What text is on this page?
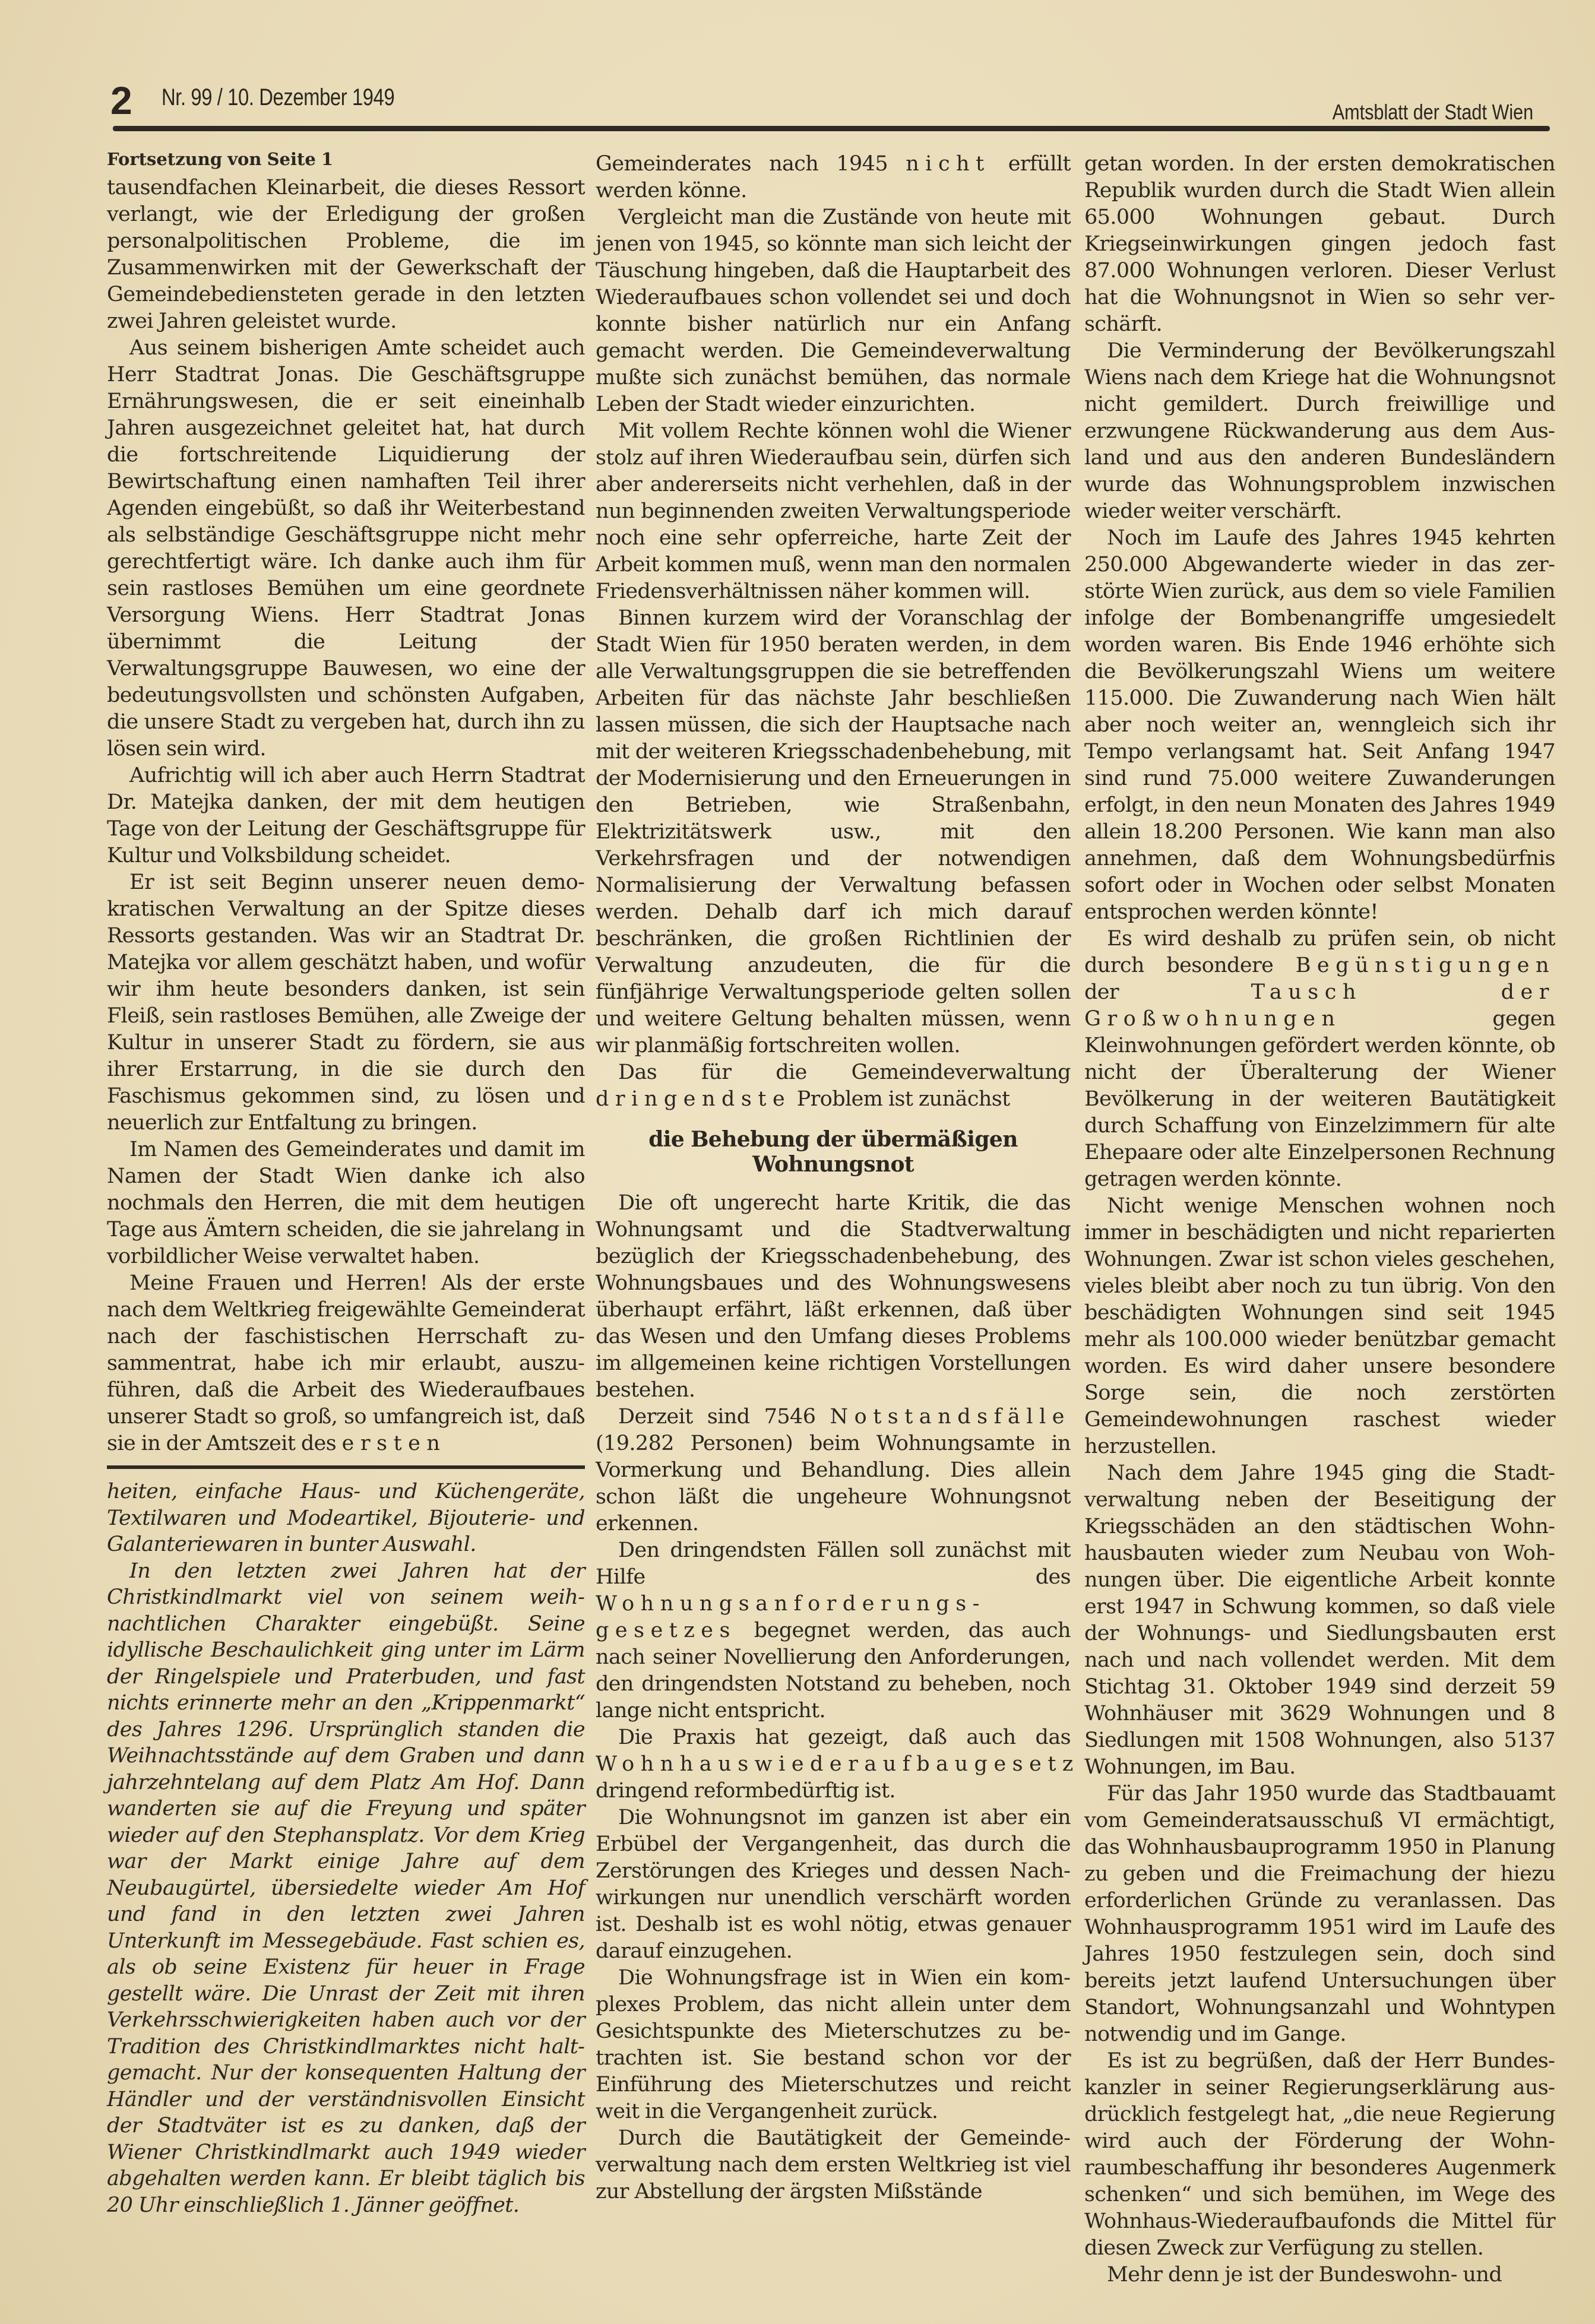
2 Nr. 99 / 10. Dezember 1949
Amtsblatt der Stadt Wien

Fortsetzung von Seite 1

tausendfachen Kleinarbeit, die dieses Ressort verlangt, wie der Erledigung der großen personalpolitischen Probleme, die im Zusammenwirken mit der Gewerkschaft der Gemeindebediensteten gerade in den letzten zwei Jahren geleistet wurde.

Aus seinem bisherigen Amte scheidet auch Herr Stadtrat Jonas. Die Geschäftsgruppe Ernährungswesen, die er seit eineinhalb Jahren ausgezeichnet geleitet hat, hat durch die fortschreitende Liquidierung der Bewirtschaftung einen namhaften Teil ihrer Agenden eingebüßt, so daß ihr Weiterbestand als selbständige Geschäftsgruppe nicht mehr gerechtfertigt wäre. Ich danke auch ihm für sein rastloses Bemühen um eine geordnete Versorgung Wiens. Herr Stadtrat Jonas übernimmt die Leitung der Verwaltungsgruppe Bauwesen, wo eine der bedeutungsvollsten und schönsten Aufgaben, die unsere Stadt zu vergeben hat, durch ihn zu lösen sein wird.

Aufrichtig will ich aber auch Herrn Stadtrat Dr. Matejka danken, der mit dem heutigen Tage von der Leitung der Geschäftsgruppe für Kultur und Volksbildung scheidet.

Er ist seit Beginn unserer neuen demokratischen Verwaltung an der Spitze dieses Ressorts gestanden. Was wir an Stadtrat Dr. Matejka vor allem geschätzt haben, und wofür wir ihm heute besonders danken, ist sein Fleiß, sein rastloses Bemühen, alle Zweige der Kultur in unserer Stadt zu fördern, sie aus ihrer Erstarrung, in die sie durch den Faschismus gekommen sind, zu lösen und neuerlich zur Entfaltung zu bringen.

Im Namen des Gemeinderates und damit im Namen der Stadt Wien danke ich also nochmals den Herren, die mit dem heutigen Tage aus Ämtern scheiden, die sie jahrelang in vorbildlicher Weise verwaltet haben.

Meine Frauen und Herren! Als der erste nach dem Weltkrieg freigewählte Gemeinderat nach der faschistischen Herrschaft zusammentrat, habe ich mir erlaubt, auszuführen, daß die Arbeit des Wiederaufbaues unserer Stadt so groß, so umfangreich ist, daß sie in der Amtszeit des ersten

heiten, einfache Haus- und Küchengeräte, Textilwaren und Modeartikel, Bijouterie- und Galanteriewaren in bunter Auswahl.

In den letzten zwei Jahren hat der Christkindlmarkt viel von seinem weihnachtlichen Charakter eingebüßt. Seine idyllische Beschaulichkeit ging unter im Lärm der Ringelspiele und Praterbuden, und fast nichts erinnerte mehr an den „Krippenmarkt“ des Jahres 1296. Ursprünglich standen die Weihnachtsstände auf dem Graben und dann jahrzehntelang auf dem Platz Am Hof. Dann wanderten sie auf die Freyung und später wieder auf den Stephansplatz. Vor dem Krieg war der Markt einige Jahre auf dem Neubaugürtel, übersiedelte wieder Am Hof und fand in den letzten zwei Jahren Unterkunft im Messegebäude. Fast schien es, als ob seine Existenz für heuer in Frage gestellt wäre. Die Unrast der Zeit mit ihren Verkehrsschwierigkeiten haben auch vor der Tradition des Christkindlmarktes nicht haltgemacht. Nur der konsequenten Haltung der Händler und der verständnisvollen Einsicht der Stadtväter ist es zu danken, daß der Wiener Christkindlmarkt auch 1949 wieder abgehalten werden kann. Er bleibt täglich bis 20 Uhr einschließlich 1. Jänner geöffnet.

Gemeinderates nach 1945 nicht erfüllt werden könne.

Vergleicht man die Zustände von heute mit jenen von 1945, so könnte man sich leicht der Täuschung hingeben, daß die Hauptarbeit des Wiederaufbaues schon vollendet sei und doch konnte bisher natürlich nur ein Anfang gemacht werden. Die Gemeindeverwaltung mußte sich zunächst bemühen, das normale Leben der Stadt wieder einzurichten.

Mit vollem Rechte können wohl die Wiener stolz auf ihren Wiederaufbau sein, dürfen sich aber andererseits nicht verhehlen, daß in der nun beginnenden zweiten Verwaltungsperiode noch eine sehr opferreiche, harte Zeit der Arbeit kommen muß, wenn man den normalen Friedensverhältnissen näher kommen will.

Binnen kurzem wird der Voranschlag der Stadt Wien für 1950 beraten werden, in dem alle Verwaltungsgruppen die sie betreffenden Arbeiten für das nächste Jahr beschließen lassen müssen, die sich der Hauptsache nach mit der weiteren Kriegsschadenbehebung, mit der Modernisierung und den Erneuerungen in den Betrieben, wie Straßenbahn, Elektrizitätswerk usw., mit den Verkehrsfragen und der notwendigen Normalisierung der Verwaltung befassen werden. Dehalb darf ich mich darauf beschränken, die großen Richtlinien der Verwaltung anzudeuten, die für die fünfjährige Verwaltungsperiode gelten sollen und weitere Geltung behalten müssen, wenn wir planmäßig fortschreiten wollen.

Das für die Gemeindeverwaltung dringendste Problem ist zunächst

die Behebung der übermäßigen Wohnungsnot

Die oft ungerecht harte Kritik, die das Wohnungsamt und die Stadtverwaltung bezüglich der Kriegsschadenbehebung, des Wohnungsbaues und des Wohnungswesens überhaupt erfährt, läßt erkennen, daß über das Wesen und den Umfang dieses Problems im allgemeinen keine richtigen Vorstellungen bestehen.

Derzeit sind 7546 Notstandsfälle (19.282 Personen) beim Wohnungsamte in Vormerkung und Behandlung. Dies allein schon läßt die ungeheure Wohnungsnot erkennen.

Den dringendsten Fällen soll zunächst mit Hilfe des Wohnungsanforderungsgesetzes begegnet werden, das auch nach seiner Novellierung den Anforderungen, den dringendsten Notstand zu beheben, noch lange nicht entspricht.

Die Praxis hat gezeigt, daß auch das Wohnhauswiederaufbaugesetz dringend reformbedürftig ist.

Die Wohnungsnot im ganzen ist aber ein Erbübel der Vergangenheit, das durch die Zerstörungen des Krieges und dessen Nachwirkungen nur unendlich verschärft worden ist. Deshalb ist es wohl nötig, etwas genauer darauf einzugehen.

Die Wohnungsfrage ist in Wien ein komplexes Problem, das nicht allein unter dem Gesichtspunkte des Mieterschutzes zu betrachten ist. Sie bestand schon vor der Einführung des Mieterschutzes und reicht weit in die Vergangenheit zurück.

Durch die Bautätigkeit der Gemeindeverwaltung nach dem ersten Weltkrieg ist viel zur Abstellung der ärgsten Mißstände

getan worden. In der ersten demokratischen Republik wurden durch die Stadt Wien allein 65.000 Wohnungen gebaut. Durch Kriegseinwirkungen gingen jedoch fast 87.000 Wohnungen verloren. Dieser Verlust hat die Wohnungsnot in Wien so sehr verschärft.

Die Verminderung der Bevölkerungszahl Wiens nach dem Kriege hat die Wohnungsnot nicht gemildert. Durch freiwillige und erzwungene Rückwanderung aus dem Ausland und aus den anderen Bundesländern wurde das Wohnungsproblem inzwischen wieder weiter verschärft.

Noch im Laufe des Jahres 1945 kehrten 250.000 Abgewanderte wieder in das zerstörte Wien zurück, aus dem so viele Familien infolge der Bombenangriffe umgesiedelt worden waren. Bis Ende 1946 erhöhte sich die Bevölkerungszahl Wiens um weitere 115.000. Die Zuwanderung nach Wien hält aber noch weiter an, wenngleich sich ihr Tempo verlangsamt hat. Seit Anfang 1947 sind rund 75.000 weitere Zuwanderungen erfolgt, in den neun Monaten des Jahres 1949 allein 18.200 Personen. Wie kann man also annehmen, daß dem Wohnungsbedürfnis sofort oder in Wochen oder selbst Monaten entsprochen werden könnte!

Es wird deshalb zu prüfen sein, ob nicht durch besondere Begünstigungen der Tausch der Großwohnungen gegen Kleinwohnungen gefördert werden könnte, ob nicht der Überalterung der Wiener Bevölkerung in der weiteren Bautätigkeit durch Schaffung von Einzelzimmern für alte Ehepaare oder alte Einzelpersonen Rechnung getragen werden könnte.

Nicht wenige Menschen wohnen noch immer in beschädigten und nicht reparierten Wohnungen. Zwar ist schon vieles geschehen, vieles bleibt aber noch zu tun übrig. Von den beschädigten Wohnungen sind seit 1945 mehr als 100.000 wieder benützbar gemacht worden. Es wird daher unsere besondere Sorge sein, die noch zerstörten Gemeindewohnungen raschest wieder herzustellen.

Nach dem Jahre 1945 ging die Stadtverwaltung neben der Beseitigung der Kriegsschäden an den städtischen Wohnhausbauten wieder zum Neubau von Wohnungen über. Die eigentliche Arbeit konnte erst 1947 in Schwung kommen, so daß viele der Wohnungs- und Siedlungsbauten erst nach und nach vollendet werden. Mit dem Stichtag 31. Oktober 1949 sind derzeit 59 Wohnhäuser mit 3629 Wohnungen und 8 Siedlungen mit 1508 Wohnungen, also 5137 Wohnungen, im Bau.

Für das Jahr 1950 wurde das Stadtbauamt vom Gemeinderatsausschuß VI ermächtigt, das Wohnhausbauprogramm 1950 in Planung zu geben und die Freimachung der hiezu erforderlichen Gründe zu veranlassen. Das Wohnhausprogramm 1951 wird im Laufe des Jahres 1950 festzulegen sein, doch sind bereits jetzt laufend Untersuchungen über Standort, Wohnungsanzahl und Wohntypen notwendig und im Gange.

Es ist zu begrüßen, daß der Herr Bundeskanzler in seiner Regierungserklärung ausdrücklich festgelegt hat, „die neue Regierung wird auch der Förderung der Wohnraumbeschaffung ihr besonderes Augenmerk schenken“ und sich bemühen, im Wege des Wohnhaus-Wiederaufbaufonds die Mittel für diesen Zweck zur Verfügung zu stellen.

Mehr denn je ist der Bundeswohn- und
